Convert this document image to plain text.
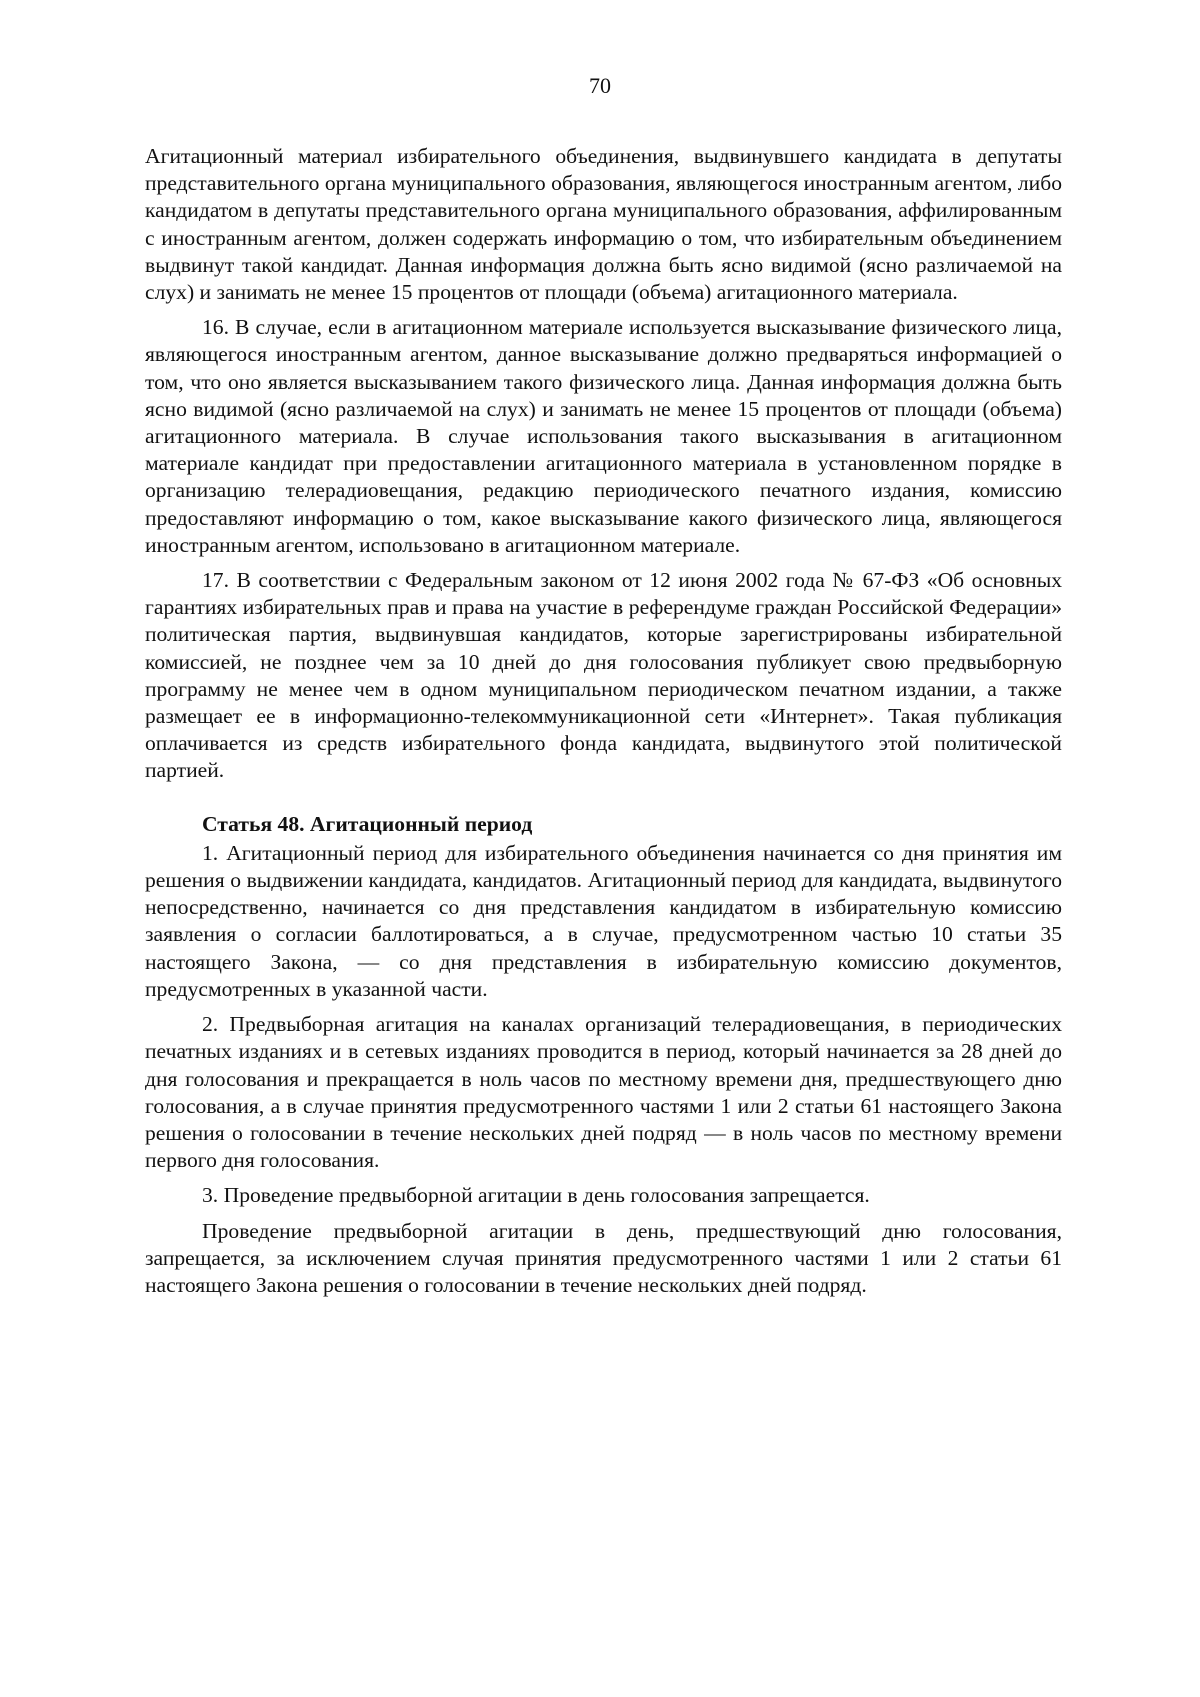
70

Агитационный материал избирательного объединения, выдвинувшего кандидата в депутаты представительного органа муниципального образования, являющегося иностранным агентом, либо кандидатом в депутаты представительного органа муниципального образования, аффилированным с иностранным агентом, должен содержать информацию о том, что избирательным объединением выдвинут такой кандидат. Данная информация должна быть ясно видимой (ясно различаемой на слух) и занимать не менее 15 процентов от площади (объема) агитационного материала.

16. В случае, если в агитационном материале используется высказывание физического лица, являющегося иностранным агентом, данное высказывание должно предваряться информацией о том, что оно является высказыванием такого физического лица. Данная информация должна быть ясно видимой (ясно различаемой на слух) и занимать не менее 15 процентов от площади (объема) агитационного материала. В случае использования такого высказывания в агитационном материале кандидат при предоставлении агитационного материала в установленном порядке в организацию телерадиовещания, редакцию периодического печатного издания, комиссию предоставляют информацию о том, какое высказывание какого физического лица, являющегося иностранным агентом, использовано в агитационном материале.

17. В соответствии с Федеральным законом от 12 июня 2002 года № 67-ФЗ «Об основных гарантиях избирательных прав и права на участие в референдуме граждан Российской Федерации» политическая партия, выдвинувшая кандидатов, которые зарегистрированы избирательной комиссией, не позднее чем за 10 дней до дня голосования публикует свою предвыборную программу не менее чем в одном муниципальном периодическом печатном издании, а также размещает ее в информационно-телекоммуникационной сети «Интернет». Такая публикация оплачивается из средств избирательного фонда кандидата, выдвинутого этой политической партией.

Статья 48. Агитационный период

1. Агитационный период для избирательного объединения начинается со дня принятия им решения о выдвижении кандидата, кандидатов. Агитационный период для кандидата, выдвинутого непосредственно, начинается со дня представления кандидатом в избирательную комиссию заявления о согласии баллотироваться, а в случае, предусмотренном частью 10 статьи 35 настоящего Закона, — со дня представления в избирательную комиссию документов, предусмотренных в указанной части.

2. Предвыборная агитация на каналах организаций телерадиовещания, в периодических печатных изданиях и в сетевых изданиях проводится в период, который начинается за 28 дней до дня голосования и прекращается в ноль часов по местному времени дня, предшествующего дню голосования, а в случае принятия предусмотренного частями 1 или 2 статьи 61 настоящего Закона решения о голосовании в течение нескольких дней подряд — в ноль часов по местному времени первого дня голосования.

3. Проведение предвыборной агитации в день голосования запрещается.

Проведение предвыборной агитации в день, предшествующий дню голосования, запрещается, за исключением случая принятия предусмотренного частями 1 или 2 статьи 61 настоящего Закона решения о голосовании в течение нескольких дней подряд.
